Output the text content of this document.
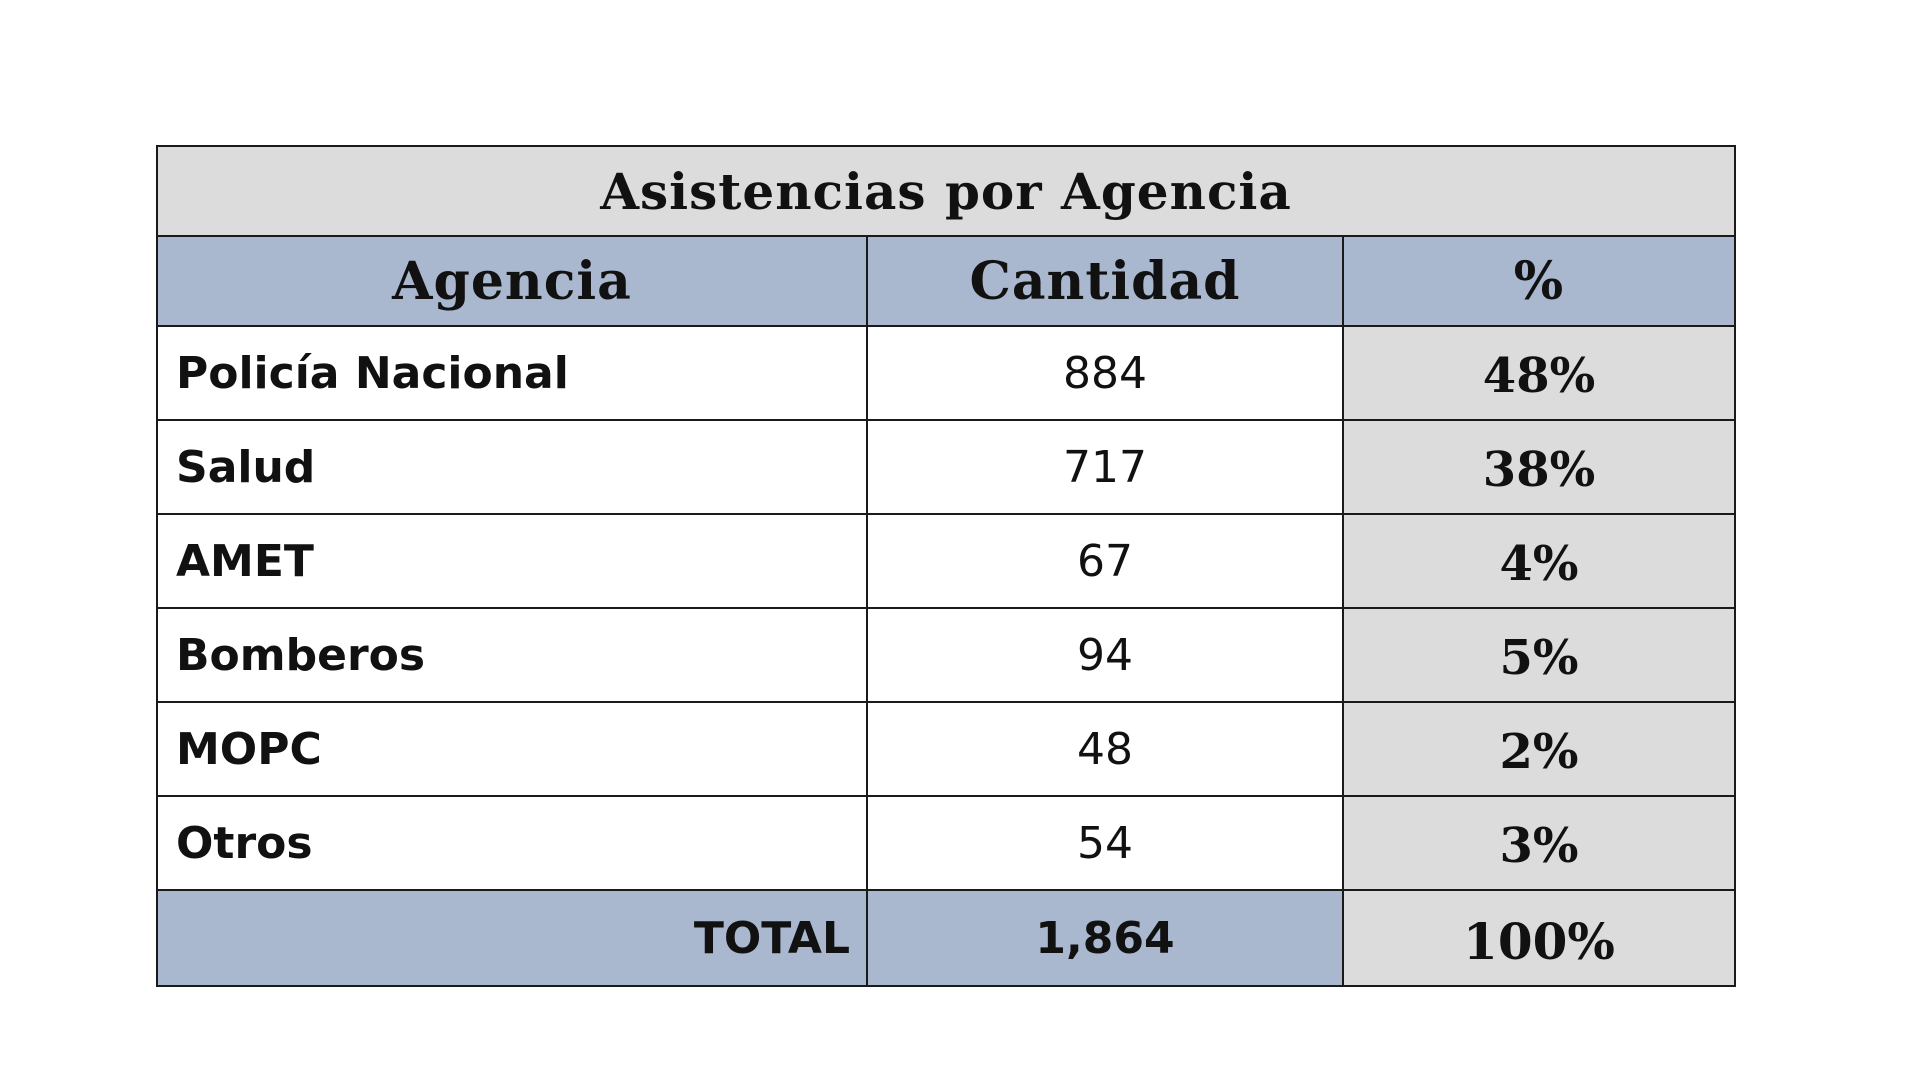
Asistencias por Agencia		
Agencia	Cantidad	%
Policía Nacional	884	48%
Salud	717	38%
AMET	67	4%
Bomberos	94	5%
MOPC	48	2%
Otros	54	3%
TOTAL	1,864	100%
